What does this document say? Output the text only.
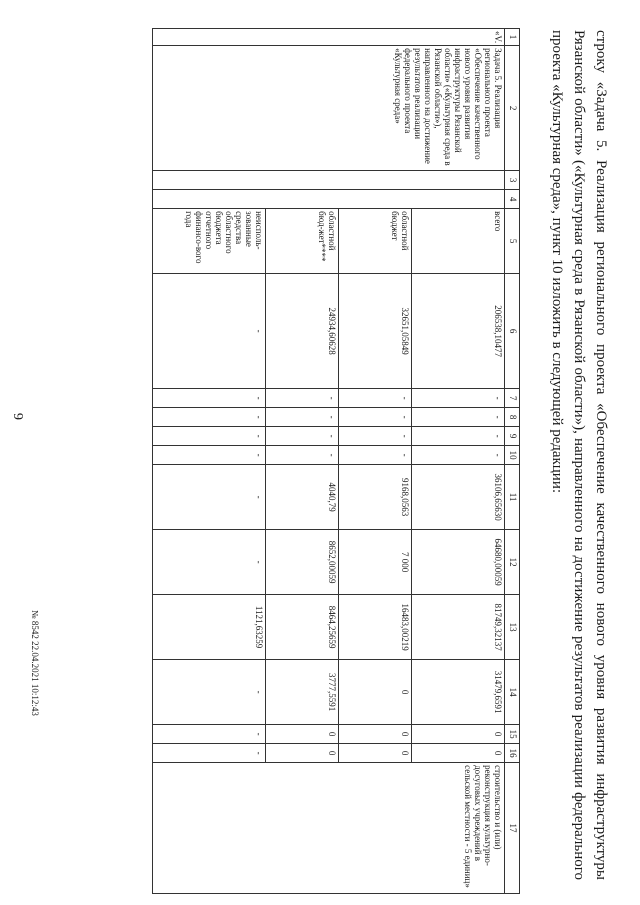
6	строку «Задача 5. Реализация регионального проекта «Обеспечение качественного нового уровня развития инфраструктуры Рязанской области» («Культурная среда в Рязанской области»), направленного на достижение результатов реализации федерального проекта «Культурная среда», пункт 10 изложить в следующей редакции:
1	2	3	4	5	6	7	8	9	10	11	12	13	14	15	16	17
«V.	Задача 5. Реализация регионального проекта «Обеспечение качественного нового уровня развития инфраструктуры Рязанской области» («Культурная среда в Рязанской области»), направленного на достижение результатов реализации федерального проекта «Культурная среда»			всего	206538,10477	-	-	-	-	36106,65630	64680,00059	81749,32137	31479,6591	0	0	строительство и (или) реконструкция культурно-досуговых учреждений в сельской местности - 5 единиц»
				областной бюджет	32651,05849	-	-	-	-	9168,0563	7 000	16483,00219	0	0	0	
				областной бюд-жет****	24934,60628	-	-	-	-	4040,79	8652,00059	8464,25659	3777,5591	0	0	
				неисполь-зованные средства областного бюджета отчетного финансо-вого года	-	-	-	-	-	-	-	1121,63259	-	-	-	
№ 8542 22.04.2021 10:12:43
